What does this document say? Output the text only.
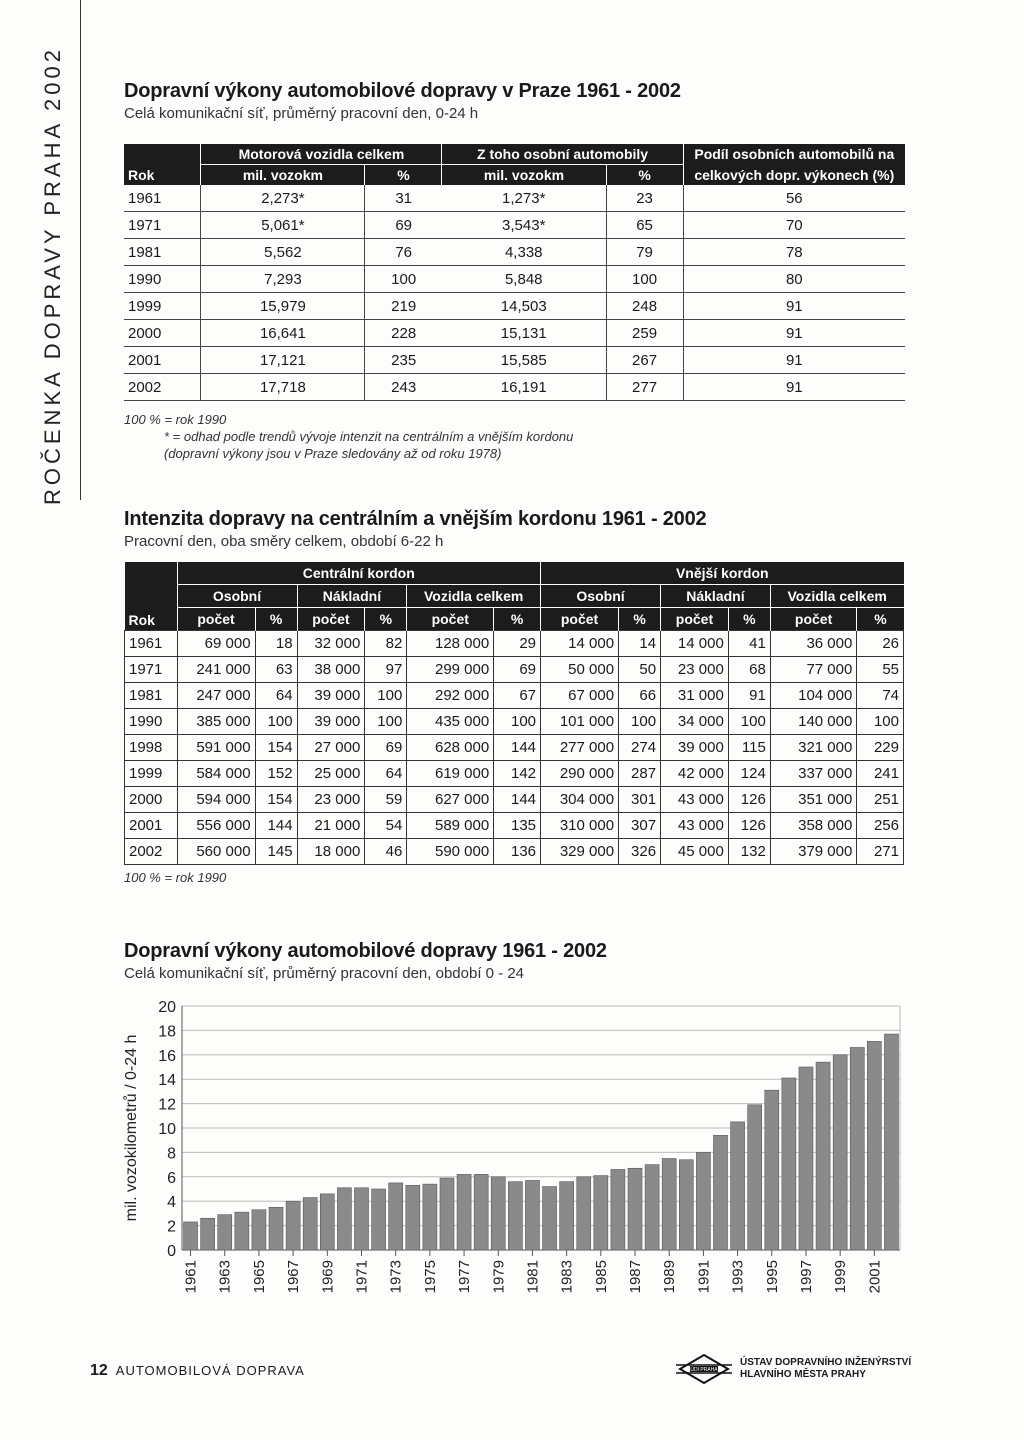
ROČENKA DOPRAVY PRAHA 2002	Dopravní výkony automobilové dopravy v Praze 1961 - 2002
Celá komunikační síť, průměrný pracovní den, 0-24 h
Rok	Motorová vozidla celkem		Z toho osobní automobily		Podíl osobních automobilů na
	mil. vozokm	%	mil. vozokm	%	celkových dopr. výkonech (%)
1961	2,273*	31	1,273*	23	56
1971	5,061*	69	3,543*	65	70
1981	5,562	76	4,338	79	78
1990	7,293	100	5,848	100	80
1999	15,979	219	14,503	248	91
2000	16,641	228	15,131	259	91
2001	17,121	235	15,585	267	91
2002	17,718	243	16,191	277	91
100 % = rok 1990
* = odhad podle trendů vývoje intenzit na centrálním a vnějším kordonu
(dopravní výkony jsou v Praze sledovány až od roku 1978)
Intenzita dopravy na centrálním a vnějším kordonu 1961 - 2002
Pracovní den, oba směry celkem, období 6-22 h
Rok	Centrální kordon						Vnější kordon					
	Osobní		Nákladní		Vozidla celkem		Osobní		Nákladní		Vozidla celkem	
	počet	%	počet	%	počet	%	počet	%	počet	%	počet	%
1961	69 000	18	32 000	82	128 000	29	14 000	14	14 000	41	36 000	26
1971	241 000	63	38 000	97	299 000	69	50 000	50	23 000	68	77 000	55
1981	247 000	64	39 000	100	292 000	67	67 000	66	31 000	91	104 000	74
1990	385 000	100	39 000	100	435 000	100	101 000	100	34 000	100	140 000	100
1998	591 000	154	27 000	69	628 000	144	277 000	274	39 000	115	321 000	229
1999	584 000	152	25 000	64	619 000	142	290 000	287	42 000	124	337 000	241
2000	594 000	154	23 000	59	627 000	144	304 000	301	43 000	126	351 000	251
2001	556 000	144	21 000	54	589 000	135	310 000	307	43 000	126	358 000	256
2002	560 000	145	18 000	46	590 000	136	329 000	326	45 000	132	379 000	271
100 % = rok 1990
Dopravní výkony automobilové dopravy 1961 - 2002
Celá komunikační síť, průměrný pracovní den, období 0 - 24
0
2
4
6
8
10
12
14
16
18
20
1961 1963 1965 1967 1969 1971 1973 1975 1977 1979 1981 1983 1985 1987 1989 1991 1993 1995 1997 1999 2001
mil. vozokilometrů / 0-24 h
12 AUTOMOBILOVÁ DOPRAVA	ÚDI PRAHA
ÚSTAV DOPRAVNÍHO INŽENÝRSTVÍ
HLAVNÍHO MĚSTA PRAHY
